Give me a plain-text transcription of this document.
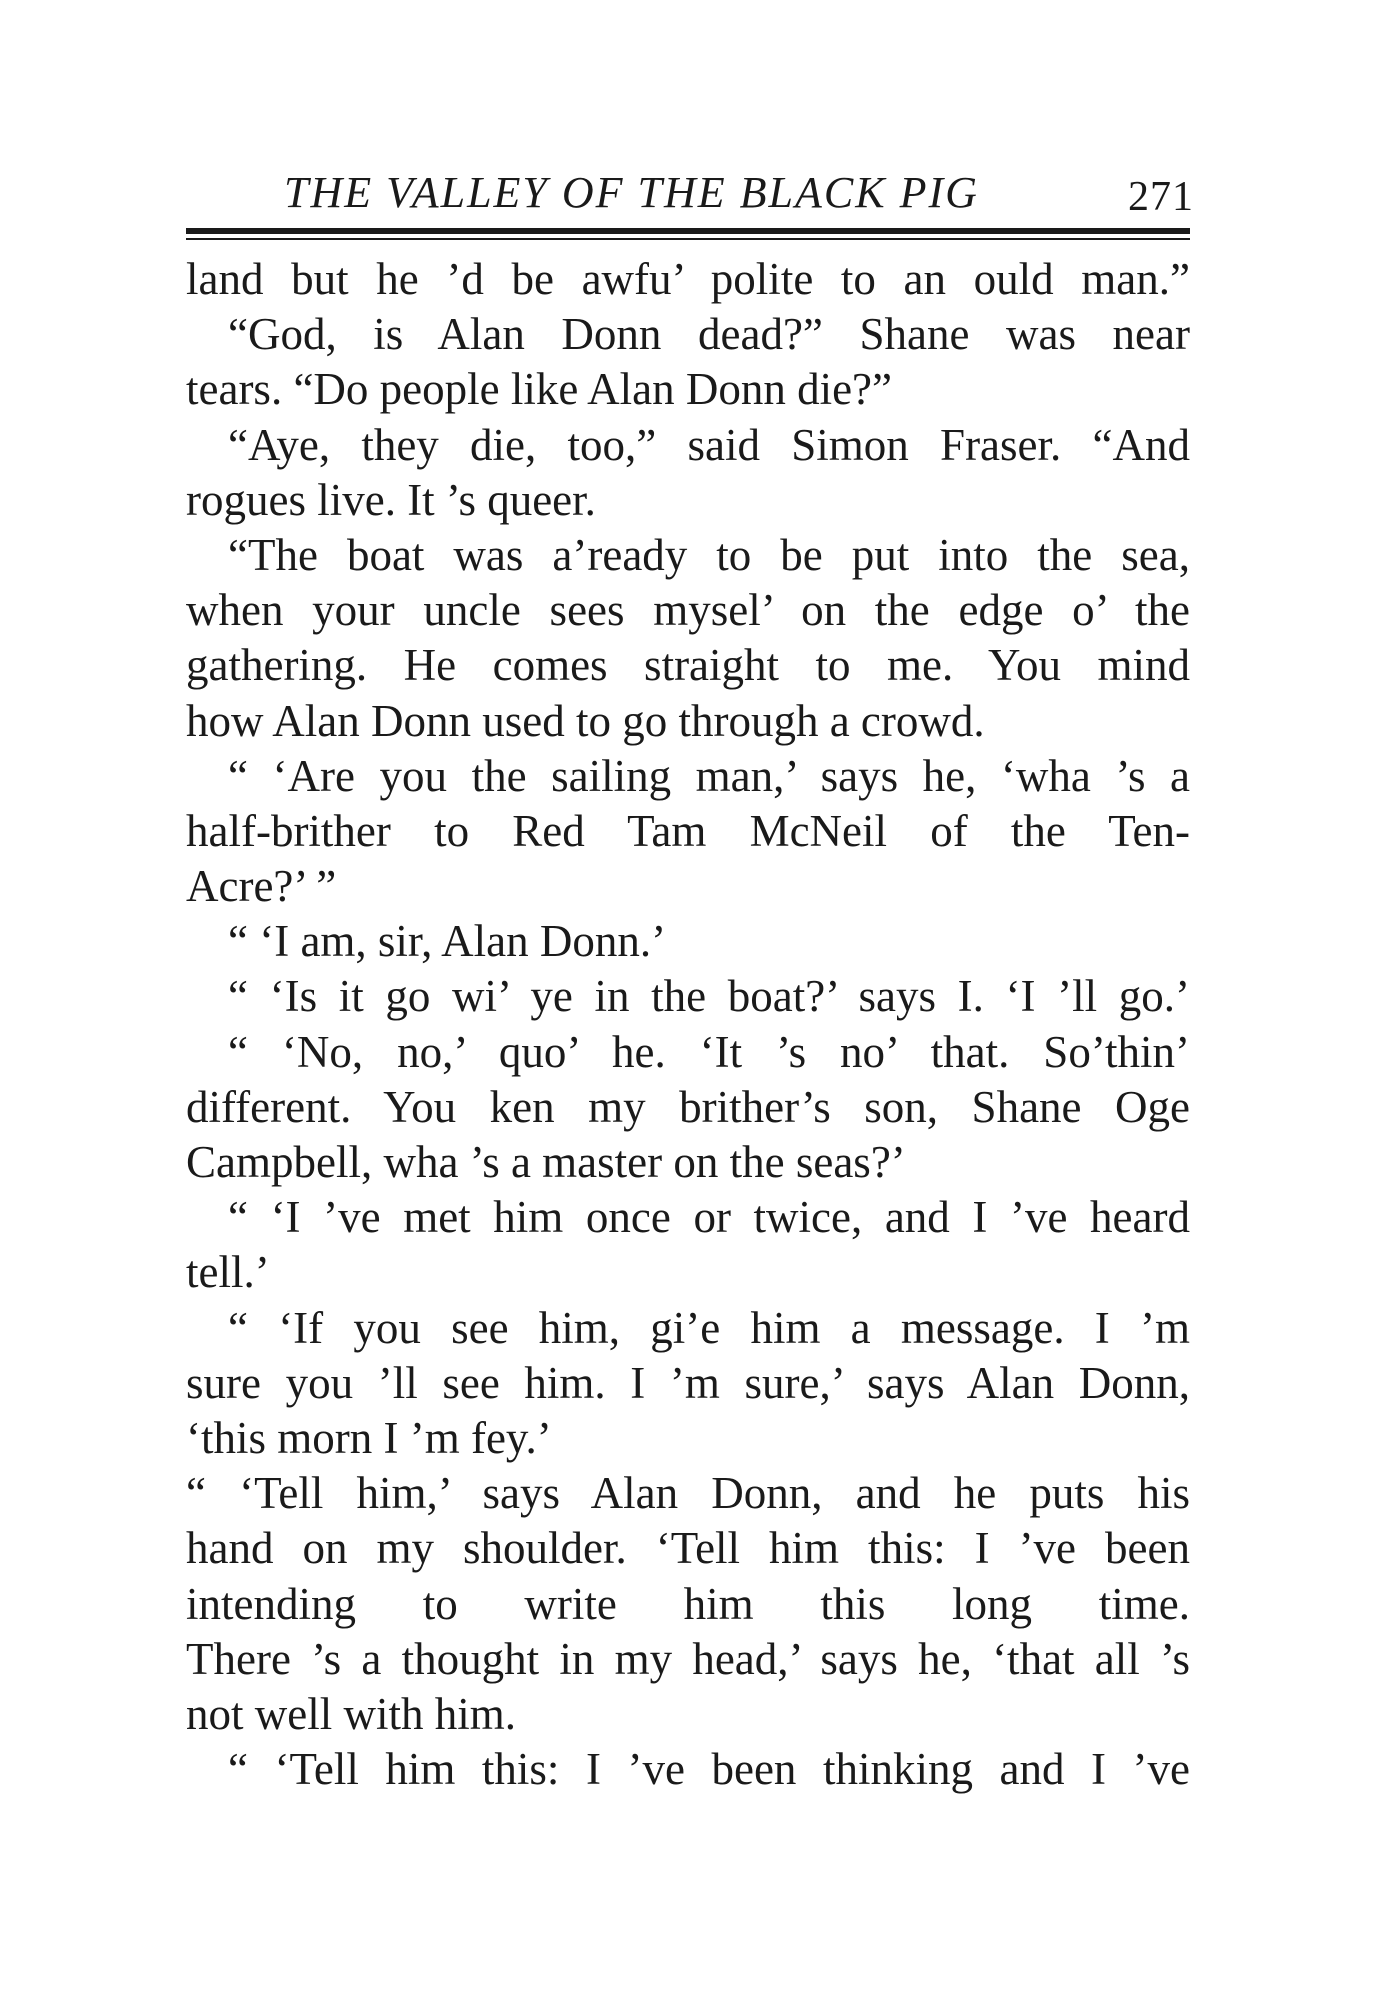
THE VALLEY OF THE BLACK PIG	271
land but he ’d be awfu’ polite to an ould man.”
“God, is Alan Donn dead?” Shane was near
tears. “Do people like Alan Donn die?”
“Aye, they die, too,” said Simon Fraser. “And
rogues live. It ’s queer.
“The boat was a’ready to be put into the sea,
when your uncle sees mysel’ on the edge o’ the
gathering. He comes straight to me. You mind
how Alan Donn used to go through a crowd.
“ ‘Are you the sailing man,’ says he, ‘wha ’s a
half-brither to Red Tam McNeil of the Ten-
Acre?’ ”
“ ‘I am, sir, Alan Donn.’
“ ‘Is it go wi’ ye in the boat?’ says I. ‘I ’ll go.’
“ ‘No, no,’ quo’ he. ‘It ’s no’ that. So’thin’
different. You ken my brither’s son, Shane Oge
Campbell, wha ’s a master on the seas?’
“ ‘I ’ve met him once or twice, and I ’ve heard
tell.’
“ ‘If you see him, gi’e him a message. I ’m
sure you ’ll see him. I ’m sure,’ says Alan Donn,
‘this morn I ’m fey.’
“ ‘Tell him,’ says Alan Donn, and he puts his
hand on my shoulder. ‘Tell him this: I ’ve been
intending to write him this long time.
There ’s a thought in my head,’ says he, ‘that all ’s
not well with him.
“ ‘Tell him this: I ’ve been thinking and I ’ve
